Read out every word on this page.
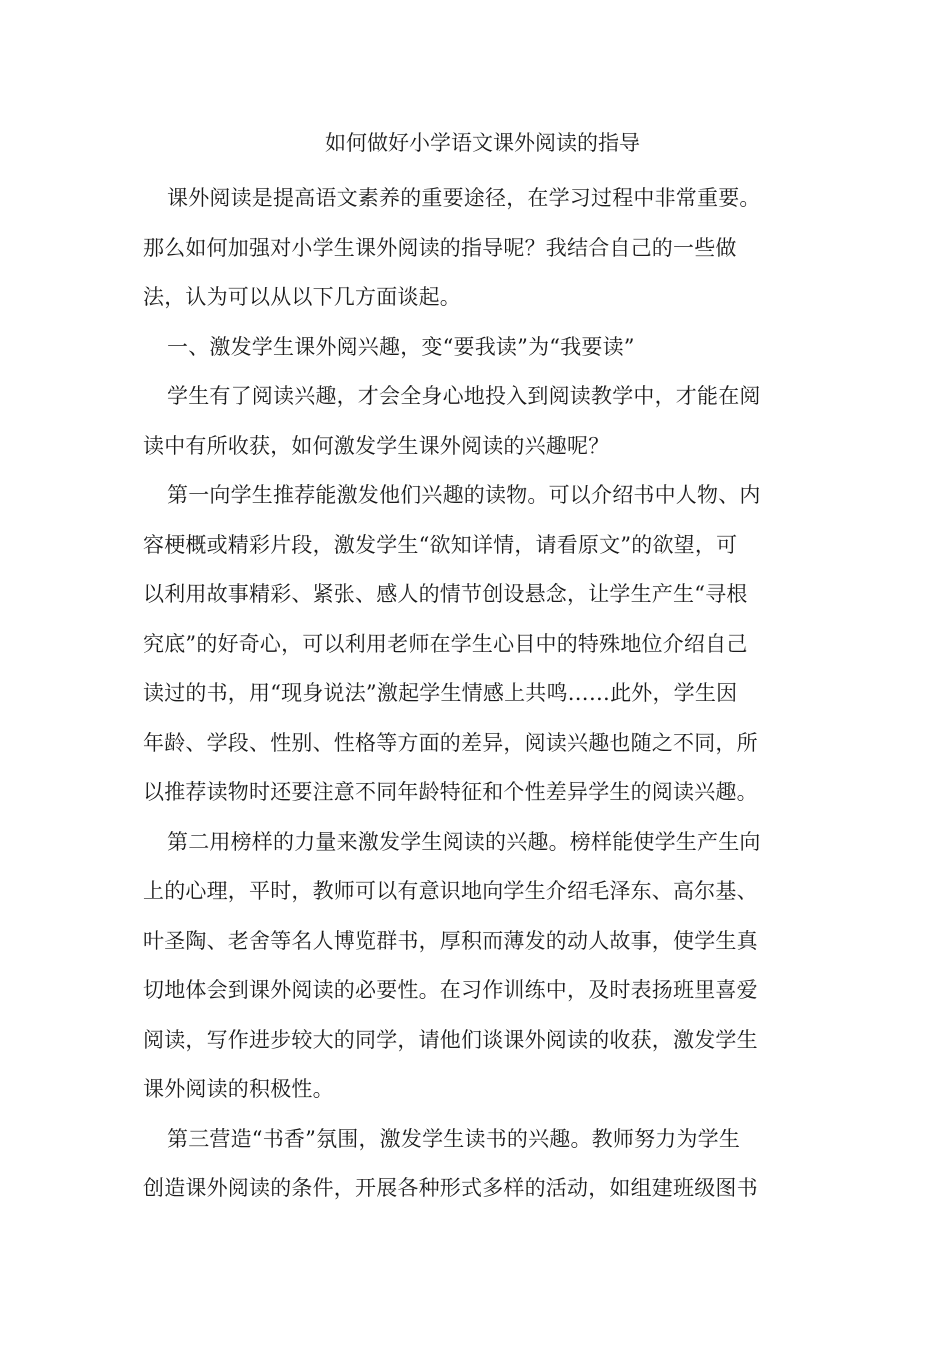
如何做好小学语文课外阅读的指导

课外阅读是提高语文素养的重要途径，在学习过程中非常重要。
那么如何加强对小学生课外阅读的指导呢？我结合自己的一些做
法，认为可以从以下几方面谈起。

一、激发学生课外阅兴趣，变“要我读”为“我要读”

学生有了阅读兴趣，才会全身心地投入到阅读教学中，才能在阅
读中有所收获，如何激发学生课外阅读的兴趣呢？

第一向学生推荐能激发他们兴趣的读物。可以介绍书中人物、内
容梗概或精彩片段，激发学生“欲知详情，请看原文”的欲望，可
以利用故事精彩、紧张、感人的情节创设悬念，让学生产生“寻根
究底”的好奇心，可以利用老师在学生心目中的特殊地位介绍自己
读过的书，用“现身说法”激起学生情感上共鸣……此外，学生因
年龄、学段、性别、性格等方面的差异，阅读兴趣也随之不同，所
以推荐读物时还要注意不同年龄特征和个性差异学生的阅读兴趣。

第二用榜样的力量来激发学生阅读的兴趣。榜样能使学生产生向
上的心理，平时，教师可以有意识地向学生介绍毛泽东、高尔基、
叶圣陶、老舍等名人博览群书，厚积而薄发的动人故事，使学生真
切地体会到课外阅读的必要性。在习作训练中，及时表扬班里喜爱
阅读，写作进步较大的同学，请他们谈课外阅读的收获，激发学生
课外阅读的积极性。

第三营造“书香”氛围，激发学生读书的兴趣。教师努力为学生
创造课外阅读的条件，开展各种形式多样的活动，如组建班级图书
